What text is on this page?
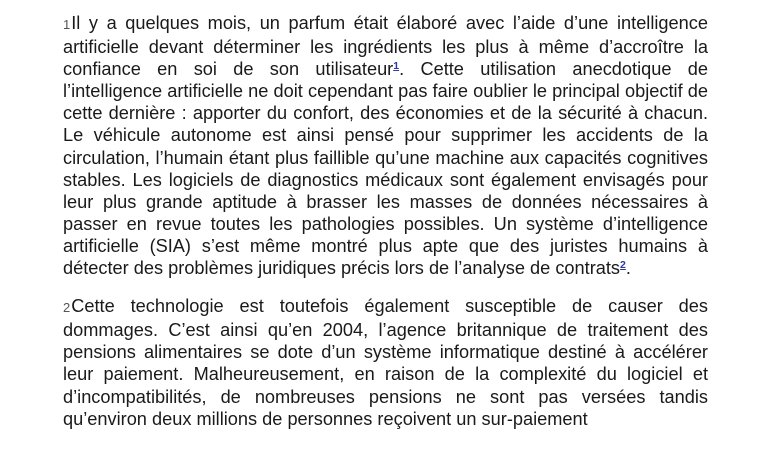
1Il y a quelques mois, un parfum était élaboré avec l’aide d’une intelligence artificielle devant déterminer les ingrédients les plus à même d’accroître la confiance en soi de son utilisateur$^1$. Cette utilisation anecdotique de l’intelligence artificielle ne doit cependant pas faire oublier le principal objectif de cette dernière : apporter du confort, des économies et de la sécurité à chacun. Le véhicule autonome est ainsi pensé pour supprimer les accidents de la circulation, l’humain étant plus faillible qu’une machine aux capacités cognitives stables. Les logiciels de diagnostics médicaux sont également envisagés pour leur plus grande aptitude à brasser les masses de données nécessaires à passer en revue toutes les pathologies possibles. Un système d’intelligence artificielle (SIA) s’est même montré plus apte que des juristes humains à détecter des problèmes juridiques précis lors de l’analyse de contrats$^2$.

2Cette technologie est toutefois également susceptible de causer des dommages. C’est ainsi qu’en 2004, l’agence britannique de traitement des pensions alimentaires se dote d’un système informatique destiné à accélérer leur paiement. Malheureusement, en raison de la complexité du logiciel et d’incompatibilités, de nombreuses pensions ne sont pas versées tandis qu’environ deux millions de personnes reçoivent un sur-paiement
